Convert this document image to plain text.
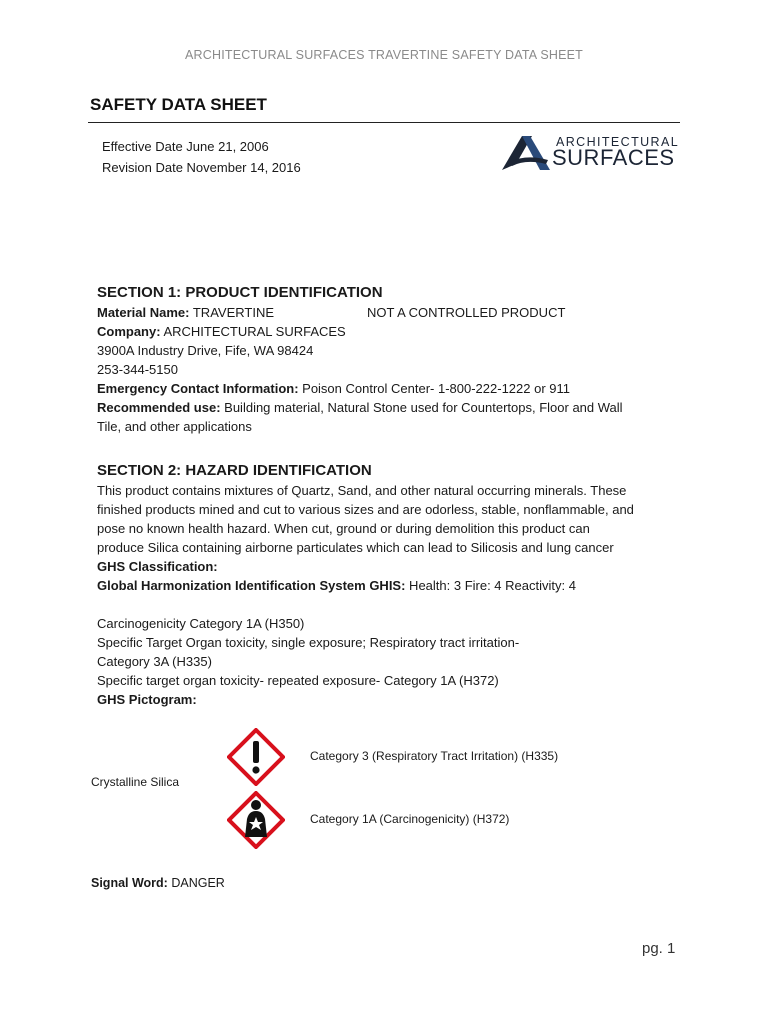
ARCHITECTURAL SURFACES TRAVERTINE SAFETY DATA SHEET
SAFETY DATA SHEET
Effective Date June 21, 2006
Revision Date November 14, 2016
ARCHITECTURAL
SURFACES
SECTION 1: PRODUCT IDENTIFICATION
Material Name: TRAVERTINE	NOT A CONTROLLED PRODUCT
Company: ARCHITECTURAL SURFACES
3900A Industry Drive, Fife, WA 98424
253-344-5150
Emergency Contact Information: Poison Control Center- 1-800-222-1222 or 911
Recommended use: Building material, Natural Stone used for Countertops, Floor and Wall
Tile, and other applications
SECTION 2: HAZARD IDENTIFICATION
This product contains mixtures of Quartz, Sand, and other natural occurring minerals. These
finished products mined and cut to various sizes and are odorless, stable, nonflammable, and
pose no known health hazard. When cut, ground or during demolition this product can
produce Silica containing airborne particulates which can lead to Silicosis and lung cancer
GHS Classification:
Global Harmonization Identification System GHIS: Health: 3 Fire: 4 Reactivity: 4
Carcinogenicity Category 1A (H350)
Specific Target Organ toxicity, single exposure; Respiratory tract irritation-
Category 3A (H335)
Specific target organ toxicity- repeated exposure- Category 1A (H372)
GHS Pictogram:
Crystalline Silica
Category 3 (Respiratory Tract Irritation) (H335)
Category 1A (Carcinogenicity) (H372)
Signal Word: DANGER
pg. 1
